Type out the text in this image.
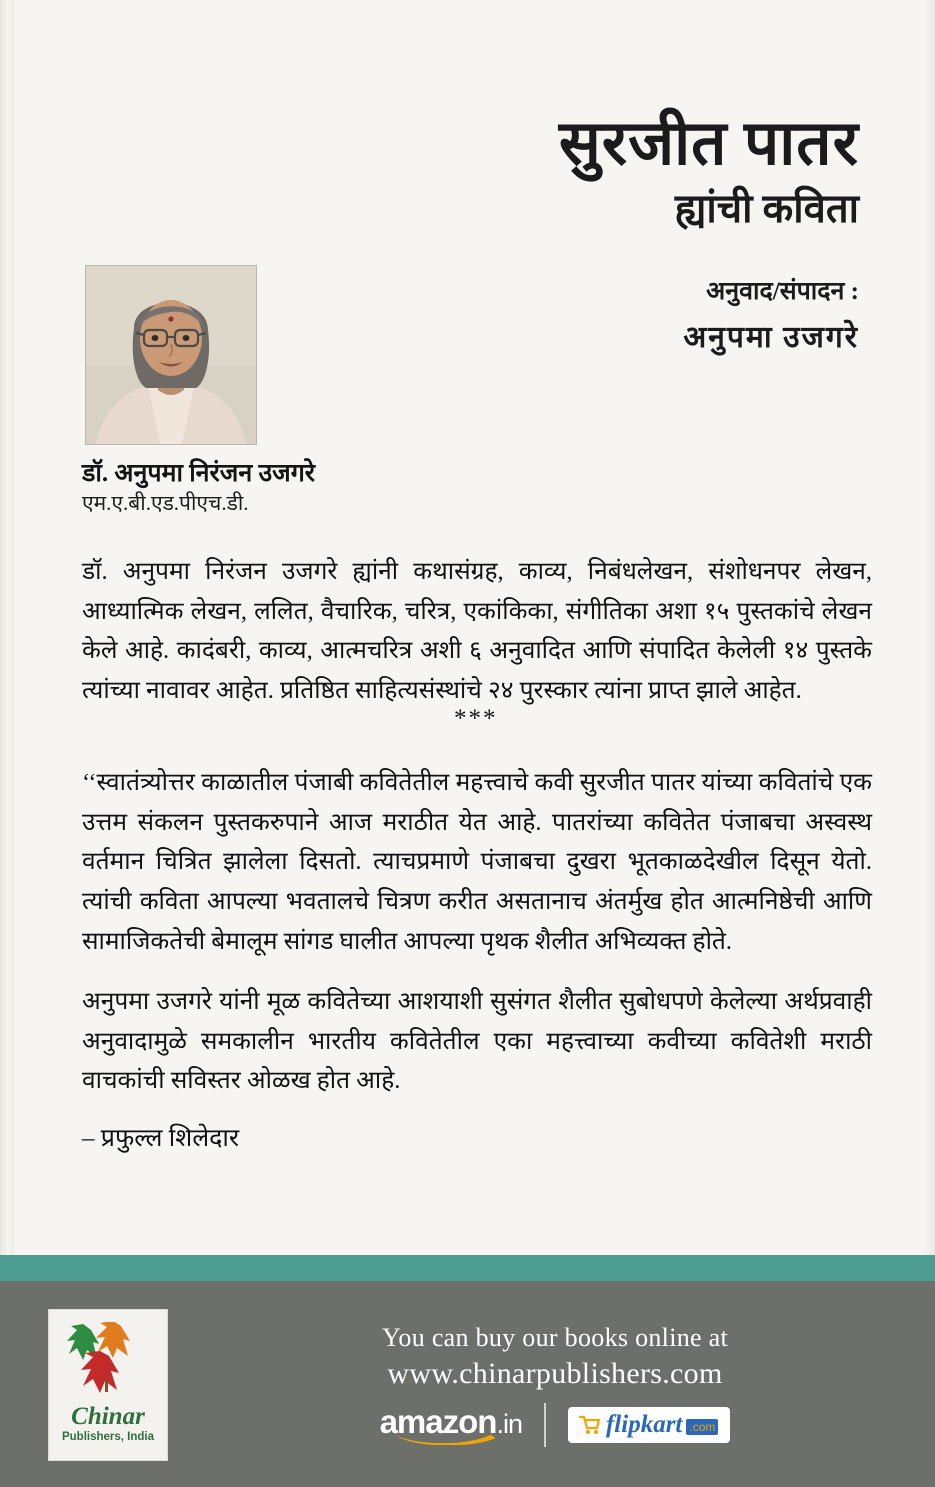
सुरजीत पातर
ह्यांची कविता

अनुवाद/संपादन :

अनुपमा उजगरे

डॉ. अनुपमा निरंजन उजगरे

एम.ए.बी.एड.पीएच.डी.

डॉ. अनुपमा निरंजन उजगरे ह्यांनी कथासंग्रह, काव्य, निबंधलेखन, संशोधनपर लेखन, आध्यात्मिक लेखन, ललित, वैचारिक, चरित्र, एकांकिका, संगीतिका अशा १५ पुस्तकांचे लेखन केले आहे. कादंबरी, काव्य, आत्मचरित्र अशी ६ अनुवादित आणि संपादित केलेली १४ पुस्तके त्यांच्या नावावर आहेत. प्रतिष्ठित साहित्यसंस्थांचे २४ पुरस्कार त्यांना प्राप्त झाले आहेत.

***

‘‘स्वातंत्र्योत्तर काळातील पंजाबी कवितेतील महत्त्वाचे कवी सुरजीत पातर यांच्या कवितांचे एक उत्तम संकलन पुस्तकरुपाने आज मराठीत येत आहे. पातरांच्या कवितेत पंजाबचा अस्वस्थ वर्तमान चित्रित झालेला दिसतो. त्याचप्रमाणे पंजाबचा दुखरा भूतकाळदेखील दिसून येतो. त्यांची कविता आपल्या भवतालचे चित्रण करीत असतानाच अंतर्मुख होत आत्मनिष्ठेची आणि सामाजिकतेची बेमालूम सांगड घालीत आपल्या पृथक शैलीत अभिव्यक्त होते.

अनुपमा उजगरे यांनी मूळ कवितेच्या आशयाशी सुसंगत शैलीत सुबोधपणे केलेल्या अर्थप्रवाही अनुवादामुळे समकालीन भारतीय कवितेतील एका महत्त्वाच्या कवीच्या कवितेशी मराठी वाचकांची सविस्तर ओळख होत आहे.

– प्रफुल्ल शिलेदार

Chinar

Publishers, India

You can buy our books online at

www.chinarpublishers.com

amazon.in	flipkart .com
